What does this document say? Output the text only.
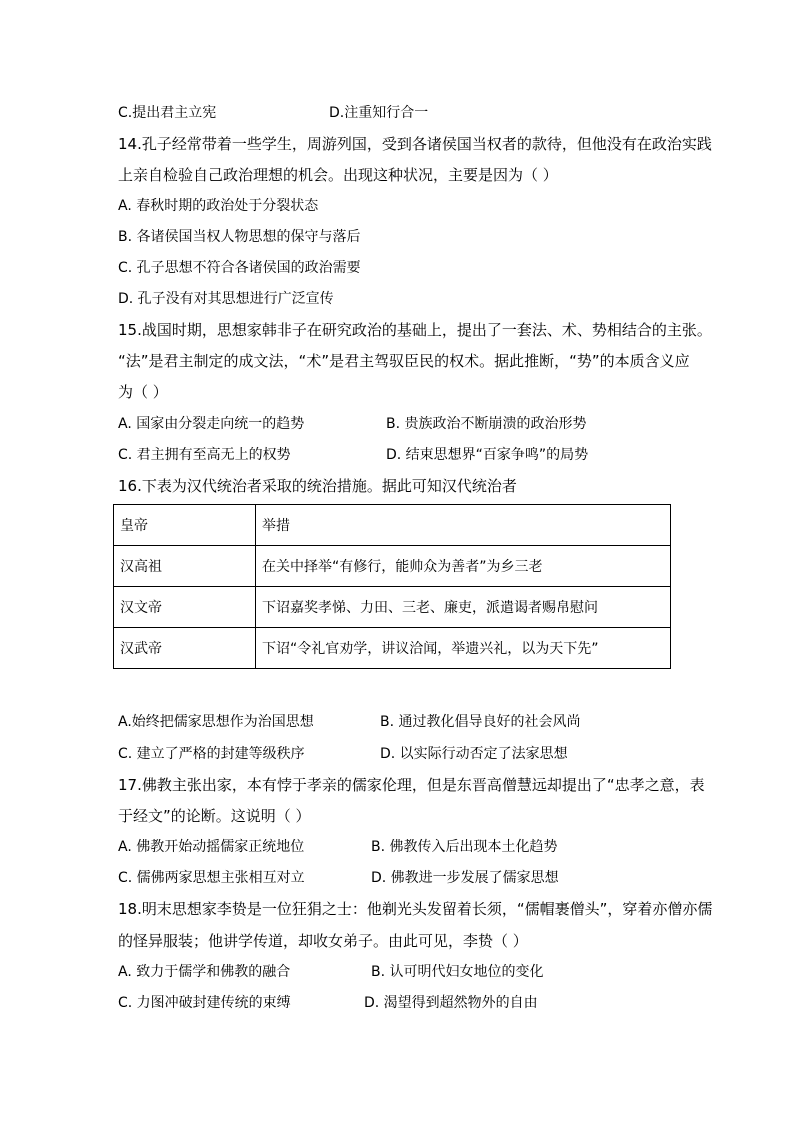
C.提出君主立宪	D.注重知行合一
14.孔子经常带着一些学生，周游列国，受到各诸侯国当权者的款待，但他没有在政治实践
上亲自检验自己政治理想的机会。出现这种状况，主要是因为（ ）
A. 春秋时期的政治处于分裂状态
B. 各诸侯国当权人物思想的保守与落后
C. 孔子思想不符合各诸侯国的政治需要
D. 孔子没有对其思想进行广泛宣传
15.战国时期，思想家韩非子在研究政治的基础上，提出了一套法、术、势相结合的主张。
“法”是君主制定的成文法，“术”是君主驾驭臣民的权术。据此推断，“势”的本质含义应
为（ ）
A. 国家由分裂走向统一的趋势	B. 贵族政治不断崩溃的政治形势
C. 君主拥有至高无上的权势	D. 结束思想界“百家争鸣”的局势
16.下表为汉代统治者采取的统治措施。据此可知汉代统治者
皇帝	举措
汉高祖	在关中择举“有修行，能帅众为善者”为乡三老
汉文帝	下诏嘉奖孝悌、力田、三老、廉吏，派遣谒者赐帛慰问
汉武帝	下诏“令礼官劝学，讲议洽闻，举遗兴礼，以为天下先”
A.始终把儒家思想作为治国思想	B. 通过教化倡导良好的社会风尚
C. 建立了严格的封建等级秩序	D. 以实际行动否定了法家思想
17.佛教主张出家，本有悖于孝亲的儒家伦理，但是东晋高僧慧远却提出了“忠孝之意，表
于经文”的论断。这说明（ ）
A. 佛教开始动摇儒家正统地位	B. 佛教传入后出现本土化趋势
C. 儒佛两家思想主张相互对立	D. 佛教进一步发展了儒家思想
18.明末思想家李贽是一位狂狷之士：他剃光头发留着长须，“儒帽裹僧头”，穿着亦僧亦儒
的怪异服装；他讲学传道，却收女弟子。由此可见，李贽（ ）
A. 致力于儒学和佛教的融合	B. 认可明代妇女地位的变化
C. 力图冲破封建传统的束缚	D. 渴望得到超然物外的自由
